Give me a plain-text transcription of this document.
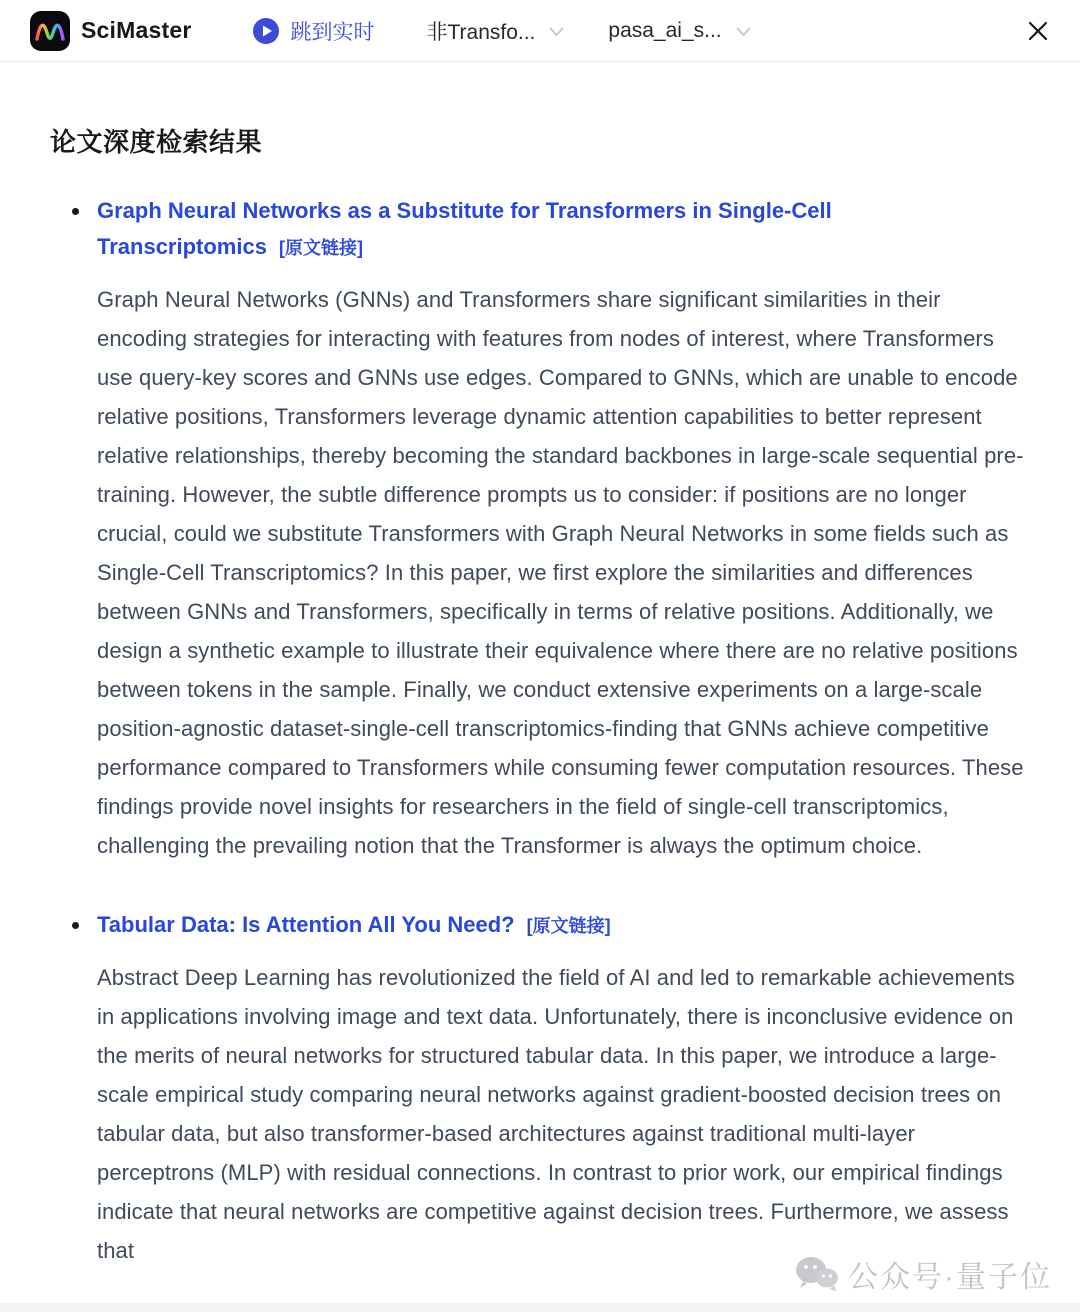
SciMaster	跳到实时 非Transfo...	pasa_ai_s...
论文深度检索结果
Graph Neural Networks as a Substitute for Transformers in Single-Cell Transcriptomics [原文链接]

Graph Neural Networks (GNNs) and Transformers share significant similarities in their encoding strategies for interacting with features from nodes of interest, where Transformers use query-key scores and GNNs use edges. Compared to GNNs, which are unable to encode relative positions, Transformers leverage dynamic attention capabilities to better represent relative relationships, thereby becoming the standard backbones in large-scale sequential pre-training. However, the subtle difference prompts us to consider: if positions are no longer crucial, could we substitute Transformers with Graph Neural Networks in some fields such as Single-Cell Transcriptomics? In this paper, we first explore the similarities and differences between GNNs and Transformers, specifically in terms of relative positions. Additionally, we design a synthetic example to illustrate their equivalence where there are no relative positions between tokens in the sample. Finally, we conduct extensive experiments on a large-scale position-agnostic dataset-single-cell transcriptomics-finding that GNNs achieve competitive performance compared to Transformers while consuming fewer computation resources. These findings provide novel insights for researchers in the field of single-cell transcriptomics, challenging the prevailing notion that the Transformer is always the optimum choice.

Tabular Data: Is Attention All You Need? [原文链接]

Abstract Deep Learning has revolutionized the field of AI and led to remarkable achievements in applications involving image and text data. Unfortunately, there is inconclusive evidence on the merits of neural networks for structured tabular data. In this paper, we introduce a large-scale empirical study comparing neural networks against gradient-boosted decision trees on tabular data, but also transformer-based architectures against traditional multi-layer perceptrons (MLP) with residual connections. In contrast to prior work, our empirical findings indicate that neural networks are competitive against decision trees. Furthermore, we assess that

公众号·量子位
